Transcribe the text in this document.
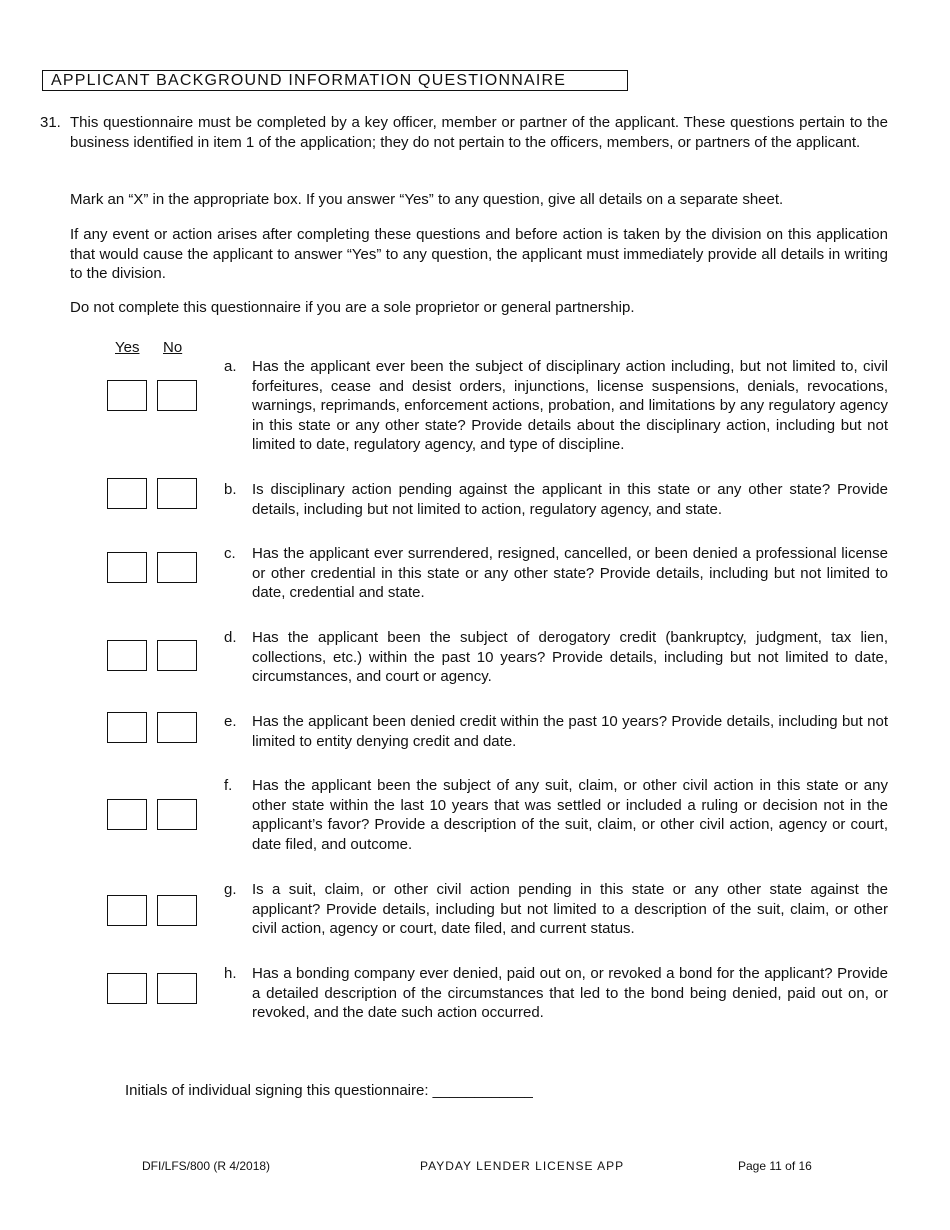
APPLICANT BACKGROUND INFORMATION QUESTIONNAIRE
31. This questionnaire must be completed by a key officer, member or partner of the applicant. These questions pertain to the business identified in item 1 of the application; they do not pertain to the officers, members, or partners of the applicant.
Mark an “X” in the appropriate box. If you answer “Yes” to any question, give all details on a separate sheet.
If any event or action arises after completing these questions and before action is taken by the division on this application that would cause the applicant to answer “Yes” to any question, the applicant must immediately provide all details in writing to the division.
Do not complete this questionnaire if you are a sole proprietor or general partnership.
Yes No
a. Has the applicant ever been the subject of disciplinary action including, but not limited to, civil forfeitures, cease and desist orders, injunctions, license suspensions, denials, revocations, warnings, reprimands, enforcement actions, probation, and limitations by any regulatory agency in this state or any other state? Provide details about the disciplinary action, including but not limited to date, regulatory agency, and type of discipline.
b. Is disciplinary action pending against the applicant in this state or any other state? Provide details, including but not limited to action, regulatory agency, and state.
c. Has the applicant ever surrendered, resigned, cancelled, or been denied a professional license or other credential in this state or any other state? Provide details, including but not limited to date, credential and state.
d. Has the applicant been the subject of derogatory credit (bankruptcy, judgment, tax lien, collections, etc.) within the past 10 years? Provide details, including but not limited to date, circumstances, and court or agency.
e. Has the applicant been denied credit within the past 10 years? Provide details, including but not limited to entity denying credit and date.
f. Has the applicant been the subject of any suit, claim, or other civil action in this state or any other state within the last 10 years that was settled or included a ruling or decision not in the applicant’s favor? Provide a description of the suit, claim, or other civil action, agency or court, date filed, and outcome.
g. Is a suit, claim, or other civil action pending in this state or any other state against the applicant? Provide details, including but not limited to a description of the suit, claim, or other civil action, agency or court, date filed, and current status.
h. Has a bonding company ever denied, paid out on, or revoked a bond for the applicant? Provide a detailed description of the circumstances that led to the bond being denied, paid out on, or revoked, and the date such action occurred.
Initials of individual signing this questionnaire: ____________
DFI/LFS/800 (R 4/2018)	PAYDAY LENDER LICENSE APP	Page 11 of 16
